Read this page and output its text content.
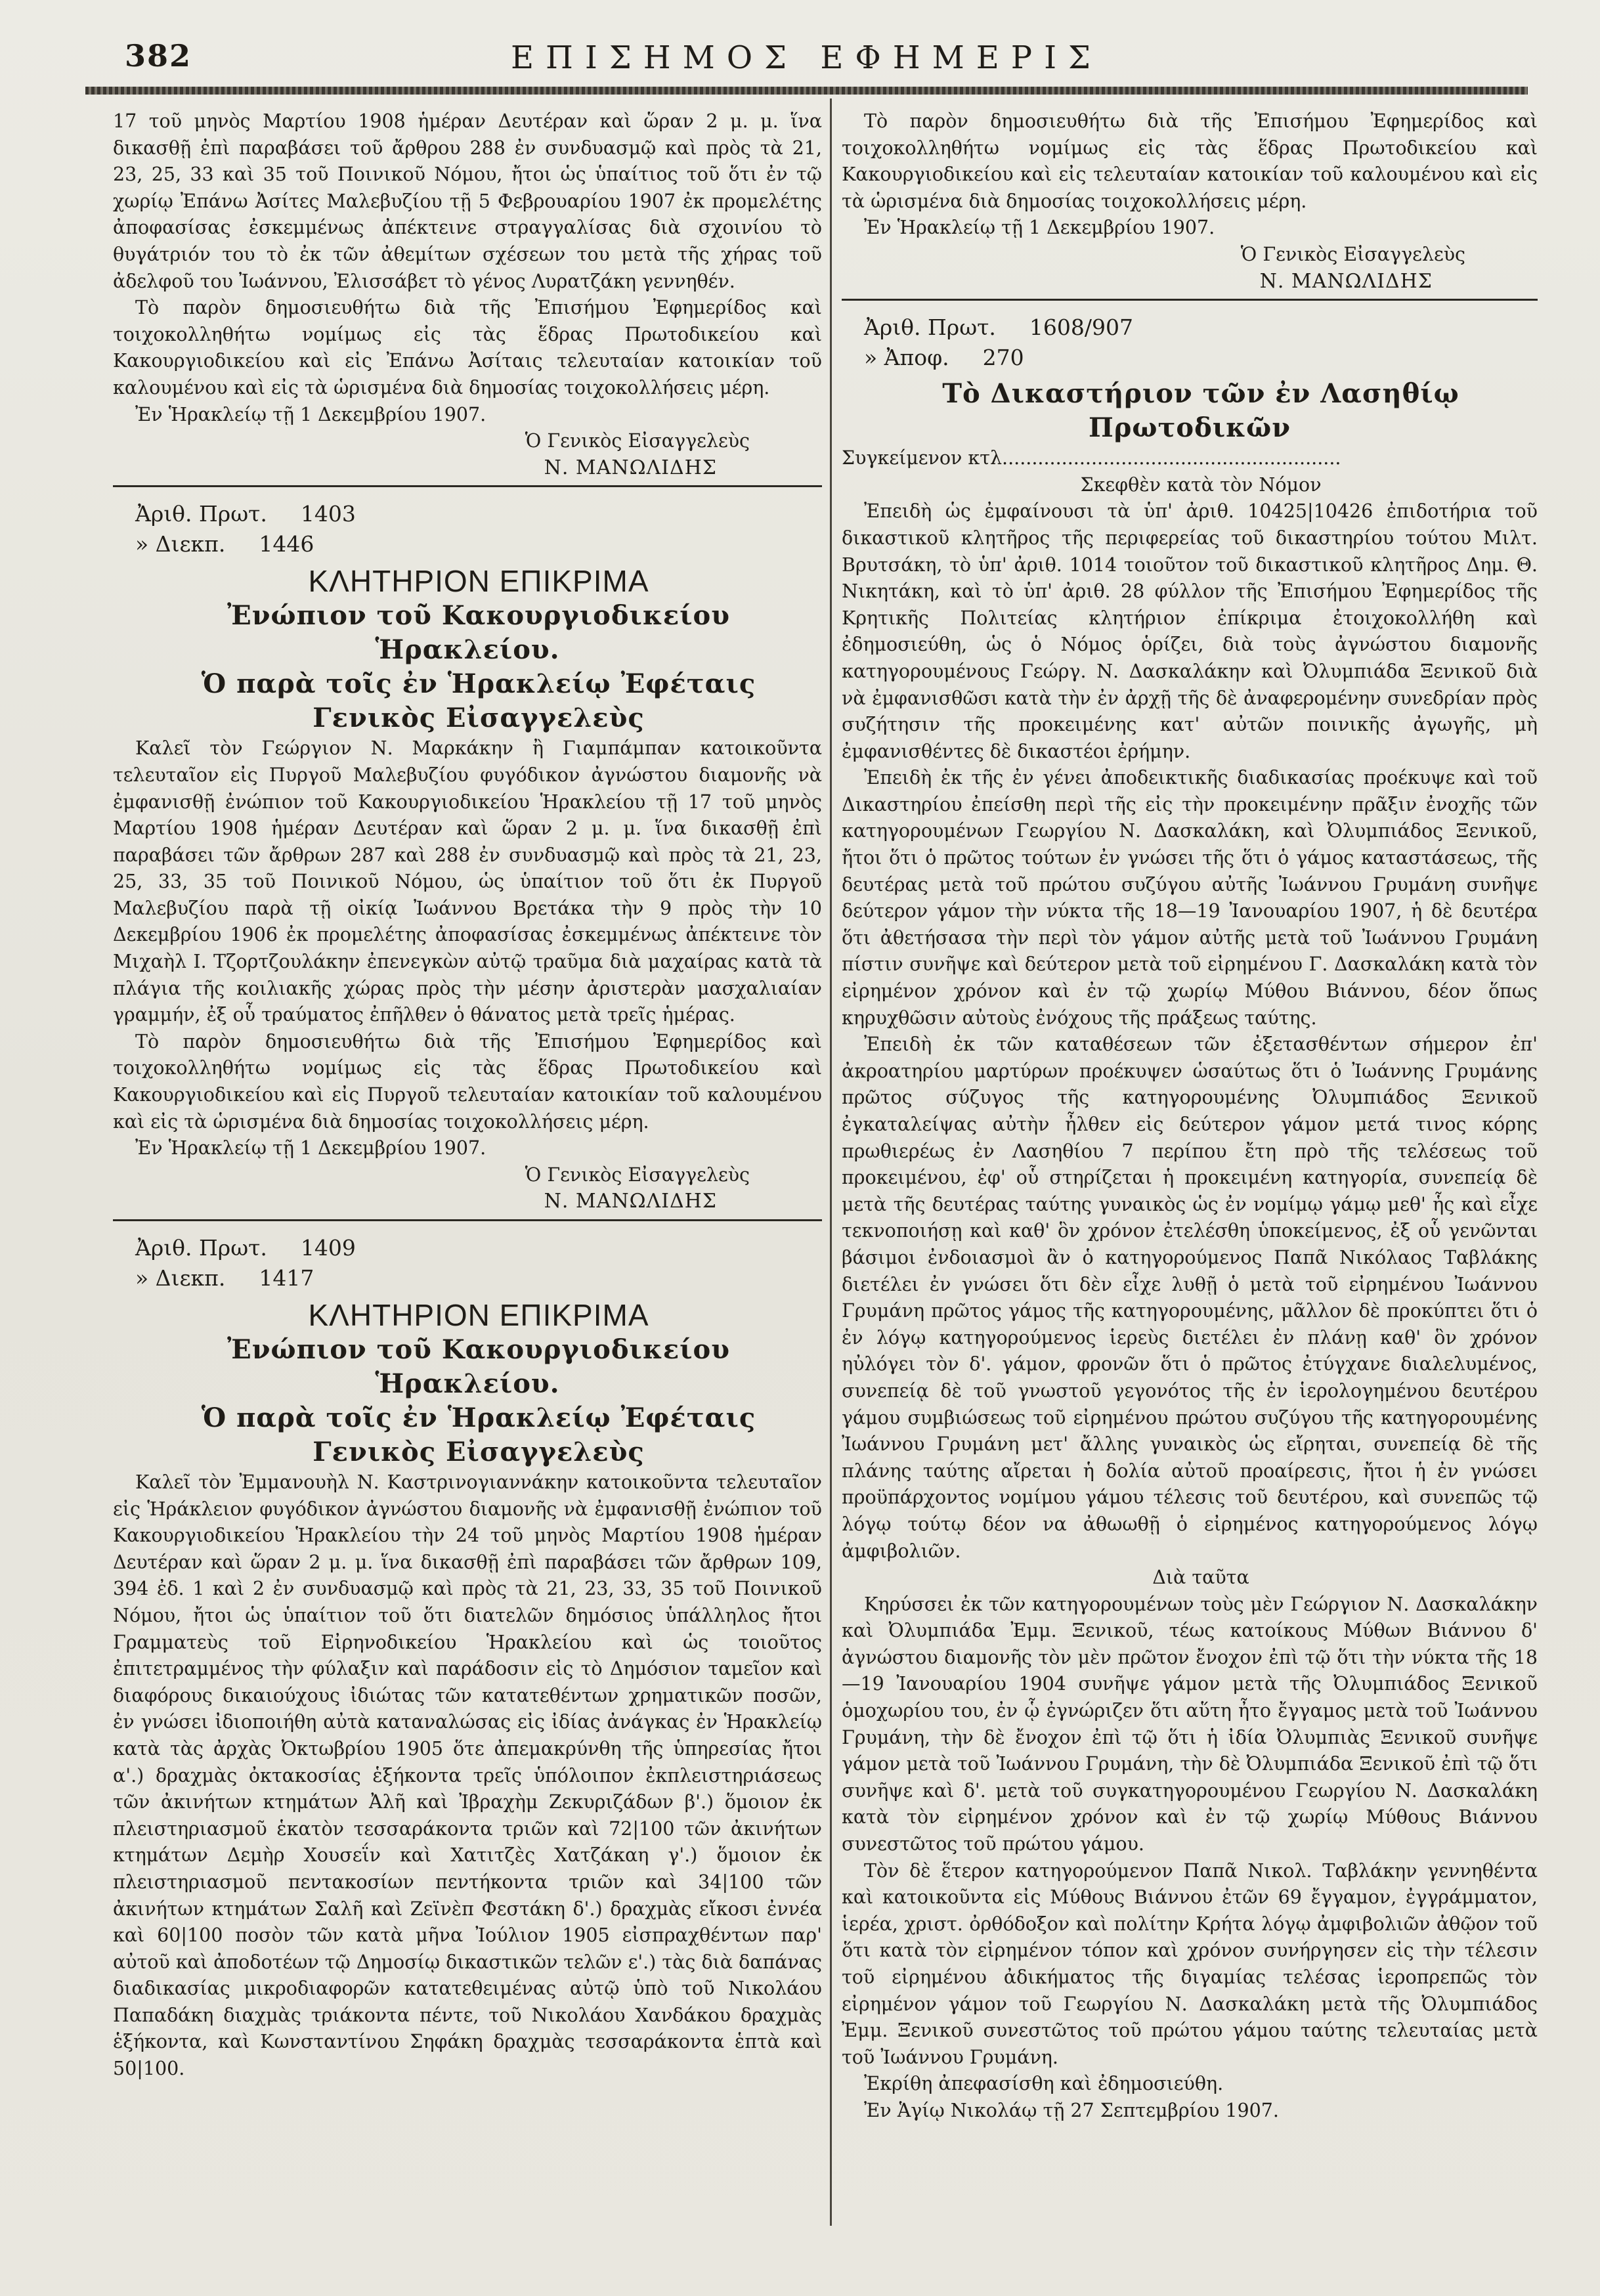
382	ΕΠΙΣΗΜΟΣ ΕΦΗΜΕΡΙΣ

17 τοῦ μηνὸς Μαρτίου 1908 ἡμέραν Δευτέραν καὶ ὥραν 2 μ. μ. ἵνα δικασθῇ ἐπὶ παραβάσει τοῦ ἄρθρου 288 ἐν συνδυασμῷ καὶ πρὸς τὰ 21, 23, 25, 33 καὶ 35 τοῦ Ποινικοῦ Νόμου, ἤτοι ὡς ὑπαίτιος τοῦ ὅτι ἐν τῷ χωρίῳ Ἐπάνω Ἀσίτες Μαλεβυζίου τῇ 5 Φεβρουαρίου 1907 ἐκ προμελέτης ἀποφασίσας ἐσκεμμένως ἀπέκτεινε στραγγαλίσας διὰ σχοινίου τὸ θυγάτριόν του τὸ ἐκ τῶν ἀθεμίτων σχέσεων του μετὰ τῆς χήρας τοῦ ἀδελφοῦ του Ἰωάννου, Ἐλισσάβετ τὸ γένος Λυρατζάκη γεννηθέν.

Τὸ παρὸν δημοσιευθήτω διὰ τῆς Ἐπισήμου Ἐφημερίδος καὶ τοιχοκολληθήτω νομίμως εἰς τὰς ἕδρας Πρωτοδικείου καὶ Κακουργιοδικείου καὶ εἰς Ἐπάνω Ἀσίταις τελευταίαν κατοικίαν τοῦ καλουμένου καὶ εἰς τὰ ὡρισμένα διὰ δημοσίας τοιχοκολλήσεις μέρη.

Ἐν Ἡρακλείῳ τῇ 1 Δεκεμβρίου 1907.

Ὁ Γενικὸς Εἰσαγγελεὺς

Ν. ΜΑΝΩΛΙΔΗΣ

Ἀριθ. Πρωτ. 1403

» Διεκπ. 1446

ΚΛΗΤΗΡΙΟΝ ΕΠΙΚΡΙΜΑ

Ἐνώπιον τοῦ Κακουργιοδικείου Ἡρακλείου.

Ὁ παρὰ τοῖς ἐν Ἡρακλείῳ Ἐφέταις

Γενικὸς Εἰσαγγελεὺς

Καλεῖ τὸν Γεώργιον Ν. Μαρκάκην ἢ Γιαμπάμπαν κατοικοῦντα τελευταῖον εἰς Πυργοῦ Μαλεβυζίου φυγόδικον ἀγνώστου διαμονῆς νὰ ἐμφανισθῇ ἐνώπιον τοῦ Κακουργιοδικείου Ἡρακλείου τῇ 17 τοῦ μηνὸς Μαρτίου 1908 ἡμέραν Δευτέραν καὶ ὥραν 2 μ. μ. ἵνα δικασθῇ ἐπὶ παραβάσει τῶν ἄρθρων 287 καὶ 288 ἐν συνδυασμῷ καὶ πρὸς τὰ 21, 23, 25, 33, 35 τοῦ Ποινικοῦ Νόμου, ὡς ὑπαίτιον τοῦ ὅτι ἐκ Πυργοῦ Μαλεβυζίου παρὰ τῇ οἰκίᾳ Ἰωάννου Βρετάκα τὴν 9 πρὸς τὴν 10 Δεκεμβρίου 1906 ἐκ προμελέτης ἀποφασίσας ἐσκεμμένως ἀπέκτεινε τὸν Μιχαὴλ Ι. Τζορτζουλάκην ἐπενεγκὼν αὐτῷ τραῦμα διὰ μαχαίρας κατὰ τὰ πλάγια τῆς κοιλιακῆς χώρας πρὸς τὴν μέσην ἀριστερὰν μασχαλιαίαν γραμμήν, ἐξ οὗ τραύματος ἐπῆλθεν ὁ θάνατος μετὰ τρεῖς ἡμέρας.

Τὸ παρὸν δημοσιευθήτω διὰ τῆς Ἐπισήμου Ἐφημερίδος καὶ τοιχοκολληθήτω νομίμως εἰς τὰς ἕδρας Πρωτοδικείου καὶ Κακουργιοδικείου καὶ εἰς Πυργοῦ τελευταίαν κατοικίαν τοῦ καλουμένου καὶ εἰς τὰ ὡρισμένα διὰ δημοσίας τοιχοκολλήσεις μέρη.

Ἐν Ἡρακλείῳ τῇ 1 Δεκεμβρίου 1907.

Ὁ Γενικὸς Εἰσαγγελεὺς

Ν. ΜΑΝΩΛΙΔΗΣ

Ἀριθ. Πρωτ. 1409

» Διεκπ. 1417

ΚΛΗΤΗΡΙΟΝ ΕΠΙΚΡΙΜΑ

Ἐνώπιον τοῦ Κακουργιοδικείου Ἡρακλείου.

Ὁ παρὰ τοῖς ἐν Ἡρακλείῳ Ἐφέταις

Γενικὸς Εἰσαγγελεὺς

Καλεῖ τὸν Ἐμμανουὴλ Ν. Καστρινογιαννάκην κατοικοῦντα τελευταῖον εἰς Ἡράκλειον φυγόδικον ἀγνώστου διαμονῆς νὰ ἐμφανισθῇ ἐνώπιον τοῦ Κακουργιοδικείου Ἡρακλείου τὴν 24 τοῦ μηνὸς Μαρτίου 1908 ἡμέραν Δευτέραν καὶ ὥραν 2 μ. μ. ἵνα δικασθῇ ἐπὶ παραβάσει τῶν ἄρθρων 109, 394 ἐδ. 1 καὶ 2 ἐν συνδυασμῷ καὶ πρὸς τὰ 21, 23, 33, 35 τοῦ Ποινικοῦ Νόμου, ἤτοι ὡς ὑπαίτιον τοῦ ὅτι διατελῶν δημόσιος ὑπάλληλος ἤτοι Γραμματεὺς τοῦ Εἰρηνοδικείου Ἡρακλείου καὶ ὡς τοιοῦτος ἐπιτετραμμένος τὴν φύλαξιν καὶ παράδοσιν εἰς τὸ Δημόσιον ταμεῖον καὶ διαφόρους δικαιούχους ἰδιώτας τῶν κατατεθέντων χρηματικῶν ποσῶν, ἐν γνώσει ἰδιοποιήθη αὐτὰ καταναλώσας εἰς ἰδίας ἀνάγκας ἐν Ἡρακλείῳ κατὰ τὰς ἀρχὰς Ὀκτωβρίου 1905 ὅτε ἀπεμακρύνθη τῆς ὑπηρεσίας ἤτοι α'.) δραχμὰς ὀκτακοσίας ἑξήκοντα τρεῖς ὑπόλοιπον ἐκπλειστηριάσεως τῶν ἀκινήτων κτημάτων Ἀλῆ καὶ Ἰβραχὴμ Ζεκυριζάδων β'.) ὅμοιον ἐκ πλειστηριασμοῦ ἑκατὸν τεσσαράκοντα τριῶν καὶ 72|100 τῶν ἀκινήτων κτημάτων Δεμὴρ Χουσεΐν καὶ Χατιτζὲς Χατζάκαη γ'.) ὅμοιον ἐκ πλειστηριασμοῦ πεντακοσίων πεντήκοντα τριῶν καὶ 34|100 τῶν ἀκινήτων κτημάτων Σαλῆ καὶ Ζεϊνὲπ Φεστάκη δ'.) δραχμὰς εἴκοσι ἐννέα καὶ 60|100 ποσὸν τῶν κατὰ μῆνα Ἰούλιον 1905 εἰσπραχθέντων παρ' αὐτοῦ καὶ ἀποδοτέων τῷ Δημοσίῳ δικαστικῶν τελῶν ε'.) τὰς διὰ δαπάνας διαδικασίας μικροδιαφορῶν κατατεθειμένας αὐτῷ ὑπὸ τοῦ Νικολάου Παπαδάκη διαχμὰς τριάκοντα πέντε, τοῦ Νικολάου Χανδάκου δραχμὰς ἑξήκοντα, καὶ Κωνσταντίνου Σηφάκη δραχμὰς τεσσαράκοντα ἑπτὰ καὶ 50|100.

Τὸ παρὸν δημοσιευθήτω διὰ τῆς Ἐπισήμου Ἐφημερίδος καὶ τοιχοκολληθήτω νομίμως εἰς τὰς ἕδρας Πρωτοδικείου καὶ Κακουργιοδικείου καὶ εἰς τελευταίαν κατοικίαν τοῦ καλουμένου καὶ εἰς τὰ ὡρισμένα διὰ δημοσίας τοιχοκολλήσεις μέρη.

Ἐν Ἡρακλείῳ τῇ 1 Δεκεμβρίου 1907.

Ὁ Γενικὸς Εἰσαγγελεὺς

Ν. ΜΑΝΩΛΙΔΗΣ

Ἀριθ. Πρωτ. 1608/907

» Ἀποφ. 270

Τὸ Δικαστήριον τῶν ἐν Λασηθίῳ Πρωτοδικῶν

Συγκείμενον κτλ.........................................................

Σκεφθὲν κατὰ τὸν Νόμον

Ἐπειδὴ ὡς ἐμφαίνουσι τὰ ὑπ' ἀριθ. 10425|10426 ἐπιδοτήρια τοῦ δικαστικοῦ κλητῆρος τῆς περιφερείας τοῦ δικαστηρίου τούτου Μιλτ. Βρυτσάκη, τὸ ὑπ' ἀριθ. 1014 τοιοῦτον τοῦ δικαστικοῦ κλητῆρος Δημ. Θ. Νικητάκη, καὶ τὸ ὑπ' ἀριθ. 28 φύλλον τῆς Ἐπισήμου Ἐφημερίδος τῆς Κρητικῆς Πολιτείας κλητήριον ἐπίκριμα ἐτοιχοκολλήθη καὶ ἐδημοσιεύθη, ὡς ὁ Νόμος ὁρίζει, διὰ τοὺς ἀγνώστου διαμονῆς κατηγορουμένους Γεώργ. Ν. Δασκαλάκην καὶ Ὀλυμπιάδα Ξενικοῦ διὰ νὰ ἐμφανισθῶσι κατὰ τὴν ἐν ἀρχῇ τῆς δὲ ἀναφερομένην συνεδρίαν πρὸς συζήτησιν τῆς προκειμένης κατ' αὐτῶν ποινικῆς ἀγωγῆς, μὴ ἐμφανισθέντες δὲ δικαστέοι ἐρήμην.

Ἐπειδὴ ἐκ τῆς ἐν γένει ἀποδεικτικῆς διαδικασίας προέκυψε καὶ τοῦ Δικαστηρίου ἐπείσθη περὶ τῆς εἰς τὴν προκειμένην πρᾶξιν ἐνοχῆς τῶν κατηγορουμένων Γεωργίου Ν. Δασκαλάκη, καὶ Ὀλυμπιάδος Ξενικοῦ, ἤτοι ὅτι ὁ πρῶτος τούτων ἐν γνώσει τῆς ὅτι ὁ γάμος καταστάσεως, τῆς δευτέρας μετὰ τοῦ πρώτου συζύγου αὐτῆς Ἰωάννου Γρυμάνη συνῆψε δεύτερον γάμον τὴν νύκτα τῆς 18—19 Ἰανουαρίου 1907, ἡ δὲ δευτέρα ὅτι ἀθετήσασα τὴν περὶ τὸν γάμον αὐτῆς μετὰ τοῦ Ἰωάννου Γρυμάνη πίστιν συνῆψε καὶ δεύτερον μετὰ τοῦ εἰρημένου Γ. Δασκαλάκη κατὰ τὸν εἰρημένον χρόνον καὶ ἐν τῷ χωρίῳ Μύθου Βιάννου, δέον ὅπως κηρυχθῶσιν αὐτοὺς ἐνόχους τῆς πράξεως ταύτης.

Ἐπειδὴ ἐκ τῶν καταθέσεων τῶν ἐξετασθέντων σήμερον ἐπ' ἀκροατηρίου μαρτύρων προέκυψεν ὡσαύτως ὅτι ὁ Ἰωάννης Γρυμάνης πρῶτος σύζυγος τῆς κατηγορουμένης Ὀλυμπιάδος Ξενικοῦ ἐγκαταλείψας αὐτὴν ἦλθεν εἰς δεύτερον γάμον μετά τινος κόρης πρωθιερέως ἐν Λασηθίου 7 περίπου ἔτη πρὸ τῆς τελέσεως τοῦ προκειμένου, ἐφ' οὗ στηρίζεται ἡ προκειμένη κατηγορία, συνεπείᾳ δὲ μετὰ τῆς δευτέρας ταύτης γυναικὸς ὡς ἐν νομίμῳ γάμῳ μεθ' ἧς καὶ εἶχε τεκνοποιήσῃ καὶ καθ' ὃν χρόνον ἐτελέσθη ὑποκείμενος, ἐξ οὗ γενῶνται βάσιμοι ἐνδοιασμοὶ ἂν ὁ κατηγορούμενος Παπᾶ Νικόλαος Ταβλάκης διετέλει ἐν γνώσει ὅτι δὲν εἶχε λυθῇ ὁ μετὰ τοῦ εἰρημένου Ἰωάννου Γρυμάνη πρῶτος γάμος τῆς κατηγορουμένης, μᾶλλον δὲ προκύπτει ὅτι ὁ ἐν λόγῳ κατηγορούμενος ἱερεὺς διετέλει ἐν πλάνῃ καθ' ὃν χρόνον ηὐλόγει τὸν δ'. γάμον, φρονῶν ὅτι ὁ πρῶτος ἐτύγχανε διαλελυμένος, συνεπείᾳ δὲ τοῦ γνωστοῦ γεγονότος τῆς ἐν ἱερολογημένου δευτέρου γάμου συμβιώσεως τοῦ εἰρημένου πρώτου συζύγου τῆς κατηγορουμένης Ἰωάννου Γρυμάνη μετ' ἄλλης γυναικὸς ὡς εἴρηται, συνεπείᾳ δὲ τῆς πλάνης ταύτης αἴρεται ἡ δολία αὐτοῦ προαίρεσις, ἤτοι ἡ ἐν γνώσει προϋπάρχοντος νομίμου γάμου τέλεσις τοῦ δευτέρου, καὶ συνεπῶς τῷ λόγῳ τούτῳ δέον να ἀθωωθῇ ὁ εἰρημένος κατηγορούμενος λόγῳ ἀμφιβολιῶν.

Διὰ ταῦτα

Κηρύσσει ἐκ τῶν κατηγορουμένων τοὺς μὲν Γεώργιον Ν. Δασκαλάκην καὶ Ὀλυμπιάδα Ἐμμ. Ξενικοῦ, τέως κατοίκους Μύθων Βιάννου δ' ἀγνώστου διαμονῆς τὸν μὲν πρῶτον ἔνοχον ἐπὶ τῷ ὅτι τὴν νύκτα τῆς 18—19 Ἰανουαρίου 1904 συνῆψε γάμον μετὰ τῆς Ὀλυμπιάδος Ξενικοῦ ὁμοχωρίου του, ἐν ᾧ ἐγνώριζεν ὅτι αὕτη ἦτο ἔγγαμος μετὰ τοῦ Ἰωάννου Γρυμάνη, τὴν δὲ ἔνοχον ἐπὶ τῷ ὅτι ἡ ἰδία Ὀλυμπιὰς Ξενικοῦ συνῆψε γάμον μετὰ τοῦ Ἰωάννου Γρυμάνη, τὴν δὲ Ὀλυμπιάδα Ξενικοῦ ἐπὶ τῷ ὅτι συνῆψε καὶ δ'. μετὰ τοῦ συγκατηγορουμένου Γεωργίου Ν. Δασκαλάκη κατὰ τὸν εἰρημένον χρόνον καὶ ἐν τῷ χωρίῳ Μύθους Βιάννου συνεστῶτος τοῦ πρώτου γάμου.

Τὸν δὲ ἕτερον κατηγορούμενον Παπᾶ Νικολ. Ταβλάκην γεννηθέντα καὶ κατοικοῦντα εἰς Μύθους Βιάννου ἐτῶν 69 ἔγγαμον, ἐγγράμματον, ἱερέα, χριστ. ὀρθόδοξον καὶ πολίτην Κρήτα λόγῳ ἀμφιβολιῶν ἀθῷον τοῦ ὅτι κατὰ τὸν εἰρημένον τόπον καὶ χρόνον συνήργησεν εἰς τὴν τέλεσιν τοῦ εἰρημένου ἀδικήματος τῆς διγαμίας τελέσας ἱεροπρεπῶς τὸν εἰρημένον γάμον τοῦ Γεωργίου Ν. Δασκαλάκη μετὰ τῆς Ὀλυμπιάδος Ἐμμ. Ξενικοῦ συνεστῶτος τοῦ πρώτου γάμου ταύτης τελευταίας μετὰ τοῦ Ἰωάννου Γρυμάνη.

Ἐκρίθη ἀπεφασίσθη καὶ ἐδημοσιεύθη.

Ἐν Ἁγίῳ Νικολάῳ τῇ 27 Σεπτεμβρίου 1907.
